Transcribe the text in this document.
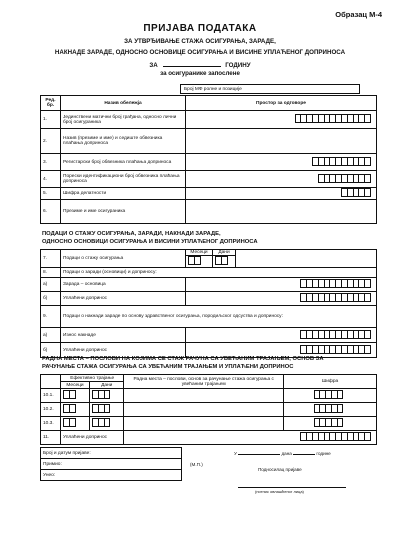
Образац М-4
ПРИЈАВА ПОДАТАКА
ЗА УТВРЂИВАЊЕ СТАЖА ОСИГУРАЊА, ЗАРАДЕ,
НАКНАДЕ ЗАРАДЕ, ОДНОСНО ОСНОВИЦЕ ОСИГУРАЊА И ВИСИНЕ УПЛАЋЕНОГ ДОПРИНОСА
ЗА	ГОДИНУ
за осигуранике запослене
Број МФ ролне и позиције
Ред. бр.	Назив обележја	Простор за одговоре
1.	Јединствени матични број грађана, односно лични број осигураника	

2.	Назив (презиме и име) и седиште обвезника плаћања доприноса	
3.	Регистарски број обвезника плаћања доприноса	

4.	Порески идентификациони број обвезника плаћања доприноса	

5.	Шифра делатности	

6.	Презиме и име осигураника	
ПОДАЦИ О СТАЖУ ОСИГУРАЊА, ЗАРАДИ, НАКНАДИ ЗАРАДЕ,
ОДНОСНО ОСНОВИЦИ ОСИГУРАЊА И ВИСИНИ УПЛАЋЕНОГ ДОПРИНОСА
7.	Подаци о стажу осигурања	Месеци	Дани	

8.	Подаци о заради (основици) и доприносу:			
а)	Зарада – основица			

б)	Уплаћени допринос			

9.	Подаци о накнади зараде по основу здравственог осигурања, породиљског одсуства и доприносу:			
а)	Износ накнаде			

б)	Уплаћени допринос			
РАДНА МЕСТА – ПОСЛОВИ НА КОЈИМА СЕ СТАЖ РАЧУНА СА УВЕЋАНИМ ТРАЈАЊЕМ, ОСНОВ ЗА
РАЧУНАЊЕ СТАЖА ОСИГУРАЊА СА УВЕЋАНИМ ТРАЈАЊЕМ И УПЛАЋЕНИ ДОПРИНОС
	Ефективно трајање		Радна места – послови, основ за рачунање стажа осигурања с увећаним трајањем	Шифра
	Месеци	Дани		
10.1.	

10.2.	

10.3.	

11.	Уплаћени допринос			
Број и датум пријаве:
Примио:
Унео:
(М.П.)
У	дана	године
Подносилац пријаве
(потпис овлашћеног лица)
